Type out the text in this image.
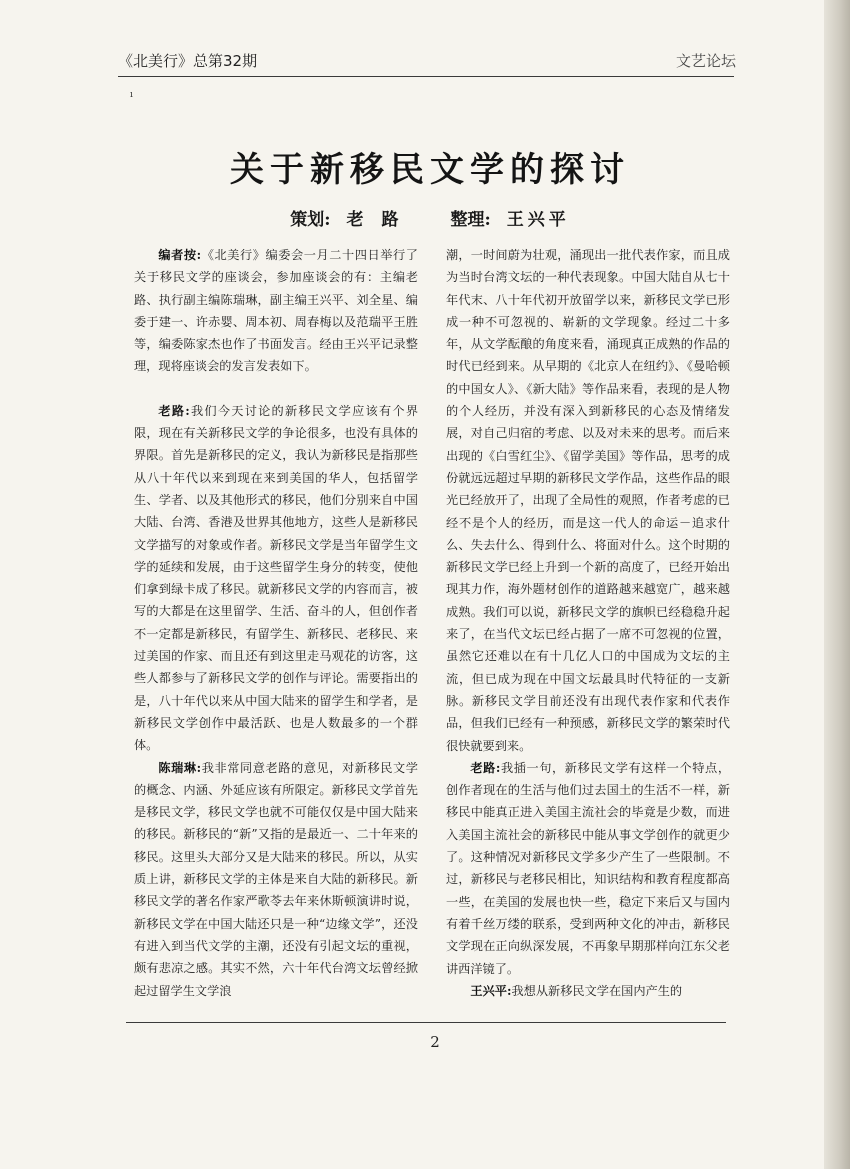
《北美行》总第32期	文艺论坛
ı
关于新移民文学的探讨
策划: 老路 整理: 王兴平

编者按:《北美行》编委会一月二十四日举行了关于移民文学的座谈会，参加座谈会的有：主编老路、执行副主编陈瑞琳，副主编王兴平、刘全星、编委于建一、许赤婴、周本初、周春梅以及范瑞平王胜等，编委陈家杰也作了书面发言。经由王兴平记录整理，现将座谈会的发言发表如下。

老路:我们今天讨论的新移民文学应该有个界限，现在有关新移民文学的争论很多，也没有具体的界限。首先是新移民的定义，我认为新移民是指那些从八十年代以来到现在来到美国的华人，包括留学生、学者、以及其他形式的移民，他们分别来自中国大陆、台湾、香港及世界其他地方，这些人是新移民文学描写的对象或作者。新移民文学是当年留学生文学的延续和发展，由于这些留学生身分的转变，使他们拿到绿卡成了移民。就新移民文学的内容而言，被写的大都是在这里留学、生活、奋斗的人，但创作者不一定都是新移民，有留学生、新移民、老移民、来过美国的作家、而且还有到这里走马观花的访客，这些人都参与了新移民文学的创作与评论。需要指出的是，八十年代以来从中国大陆来的留学生和学者，是新移民文学创作中最活跃、也是人数最多的一个群体。

陈瑞琳:我非常同意老路的意见，对新移民文学的概念、内涵、外延应该有所限定。新移民文学首先是移民文学，移民文学也就不可能仅仅是中国大陆来的移民。新移民的“新”又指的是最近一、二十年来的移民。这里头大部分又是大陆来的移民。所以，从实质上讲，新移民文学的主体是来自大陆的新移民。新移民文学的著名作家严歌苓去年来休斯顿演讲时说，新移民文学在中国大陆还只是一种“边缘文学”，还没有进入到当代文学的主潮，还没有引起文坛的重视，颇有悲凉之感。其实不然，六十年代台湾文坛曾经掀起过留学生文学浪

潮，一时间蔚为壮观，涌现出一批代表作家，而且成为当时台湾文坛的一种代表现象。中国大陆自从七十年代末、八十年代初开放留学以来，新移民文学已形成一种不可忽视的、崭新的文学现象。经过二十多年，从文学酝酿的角度来看，涌现真正成熟的作品的时代已经到来。从早期的《北京人在纽约》、《曼哈顿的中国女人》、《新大陆》等作品来看，表现的是人物的个人经历，并没有深入到新移民的心态及情绪发展，对自己归宿的考虑、以及对未来的思考。而后来出现的《白雪红尘》、《留学美国》等作品，思考的成份就远远超过早期的新移民文学作品，这些作品的眼光已经放开了，出现了全局性的观照，作者考虑的已经不是个人的经历，而是这一代人的命运－追求什么、失去什么、得到什么、将面对什么。这个时期的新移民文学已经上升到一个新的高度了，已经开始出现其力作，海外题材创作的道路越来越宽广，越来越成熟。我们可以说，新移民文学的旗帜已经稳稳升起来了，在当代文坛已经占据了一席不可忽视的位置，虽然它还难以在有十几亿人口的中国成为文坛的主流，但已成为现在中国文坛最具时代特征的一支新脉。新移民文学目前还没有出现代表作家和代表作品，但我们已经有一种预感，新移民文学的繁荣时代很快就要到来。

老路:我插一句，新移民文学有这样一个特点，创作者现在的生活与他们过去国土的生活不一样，新移民中能真正进入美国主流社会的毕竟是少数，而进入美国主流社会的新移民中能从事文学创作的就更少了。这种情况对新移民文学多少产生了一些限制。不过，新移民与老移民相比，知识结构和教育程度都高一些，在美国的发展也快一些，稳定下来后又与国内有着千丝万缕的联系，受到两种文化的冲击，新移民文学现在正向纵深发展，不再象早期那样向江东父老讲西洋镜了。

王兴平:我想从新移民文学在国内产生的

2
